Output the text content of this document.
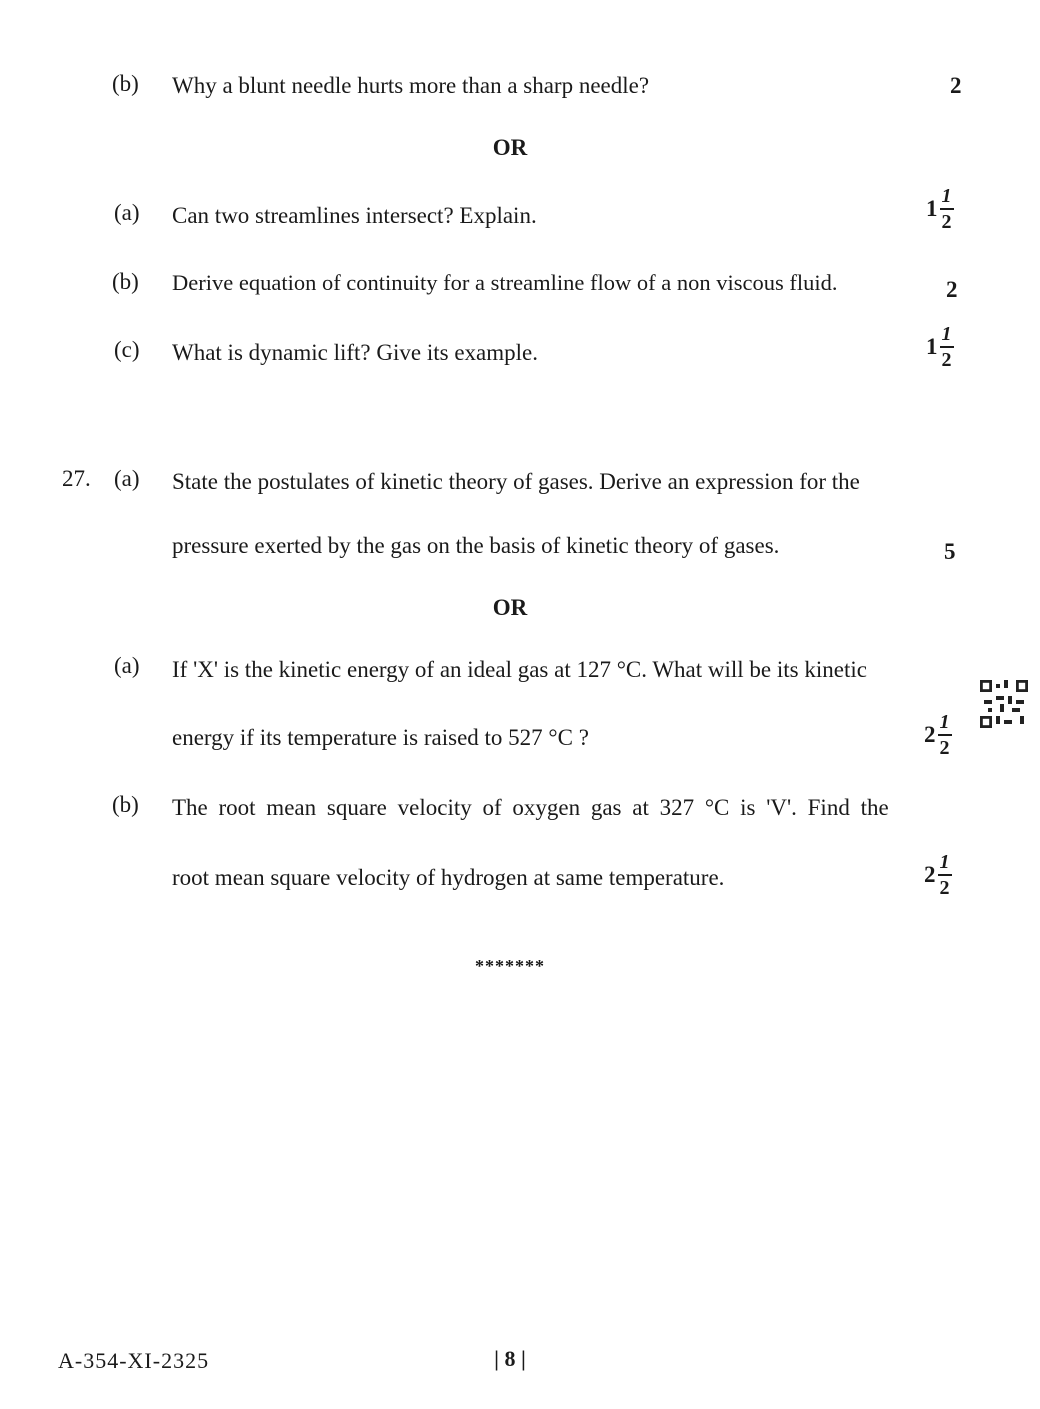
(b) Why a blunt needle hurts more than a sharp needle?	2
OR
(a) Can two streamlines intersect? Explain.	$1 \frac{1}{2}$
(b) Derive equation of continuity for a streamline flow of a non viscous fluid.	2
(c) What is dynamic lift? Give its example.	$1 \frac{1}{2}$
27. (a) State the postulates of kinetic theory of gases. Derive an expression for the
pressure exerted by the gas on the basis of kinetic theory of gases.	5
OR
(a) If 'X' is the kinetic energy of an ideal gas at 127 °C. What will be its kinetic
energy if its temperature is raised to 527 °C ?	$2 \frac{1}{2}$
(b) The root mean square velocity of oxygen gas at 327 °C is 'V'. Find the
root mean square velocity of hydrogen at same temperature.	$2 \frac{1}{2}$
*******
A-354-XI-2325	| 8 |
